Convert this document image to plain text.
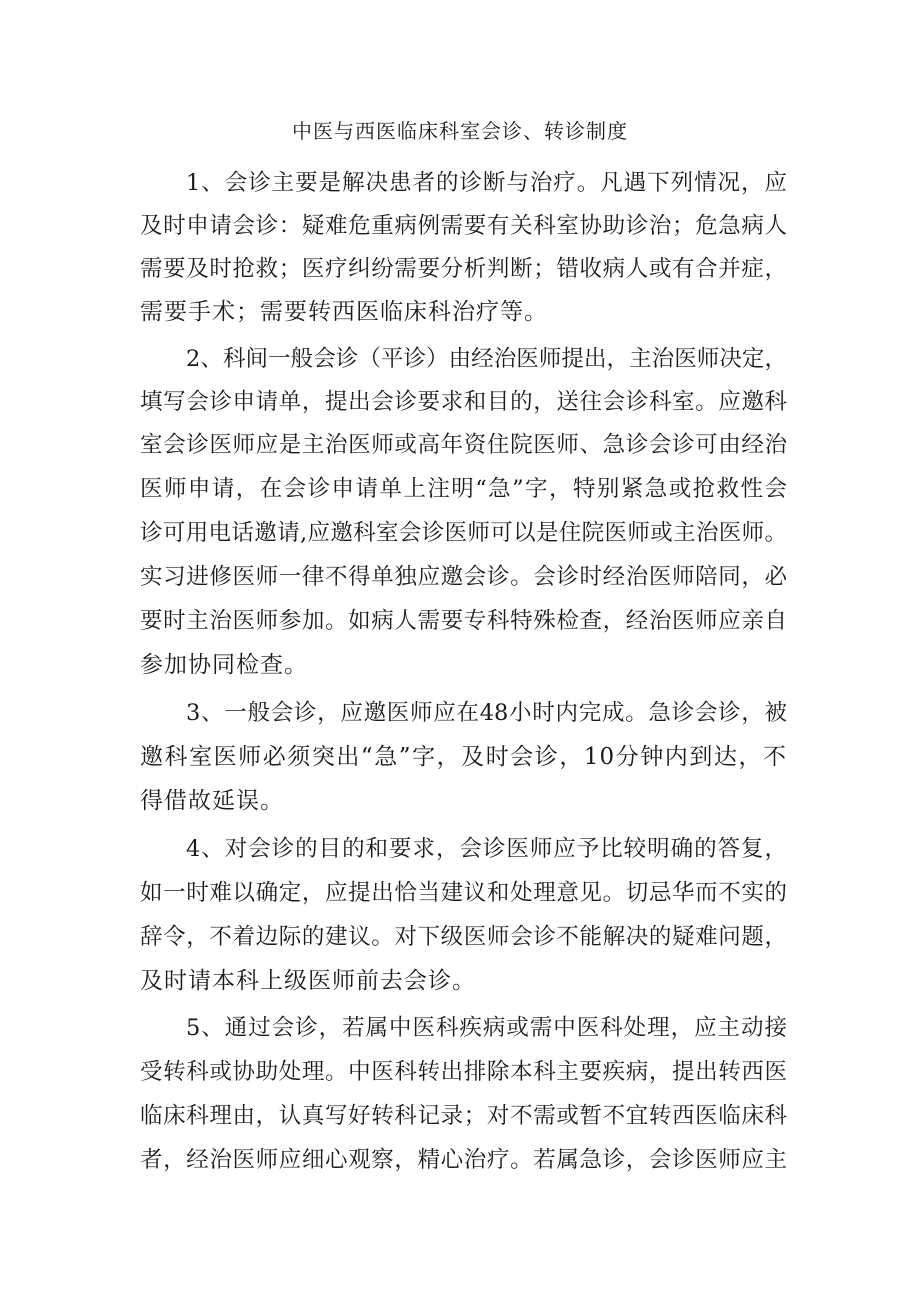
中医与西医临床科室会诊、转诊制度
1、会诊主要是解决患者的诊断与治疗。凡遇下列情况，应
及时申请会诊：疑难危重病例需要有关科室协助诊治；危急病人
需要及时抢救；医疗纠纷需要分析判断；错收病人或有合并症，
需要手术；需要转西医临床科治疗等。
2、科间一般会诊（平诊）由经治医师提出，主治医师决定，
填写会诊申请单，提出会诊要求和目的，送往会诊科室。应邀科
室会诊医师应是主治医师或高年资住院医师、急诊会诊可由经治
医师申请，在会诊申请单上注明“急”字，特别紧急或抢救性会
诊可用电话邀请,应邀科室会诊医师可以是住院医师或主治医师。
实习进修医师一律不得单独应邀会诊。会诊时经治医师陪同，必
要时主治医师参加。如病人需要专科特殊检查，经治医师应亲自
参加协同检查。
3、一般会诊，应邀医师应在48小时内完成。急诊会诊，被
邀科室医师必须突出“急”字，及时会诊，10分钟内到达，不
得借故延误。
4、对会诊的目的和要求，会诊医师应予比较明确的答复，
如一时难以确定，应提出恰当建议和处理意见。切忌华而不实的
辞令，不着边际的建议。对下级医师会诊不能解决的疑难问题，
及时请本科上级医师前去会诊。
5、通过会诊，若属中医科疾病或需中医科处理，应主动接
受转科或协助处理。中医科转出排除本科主要疾病，提出转西医
临床科理由，认真写好转科记录；对不需或暂不宜转西医临床科
者，经治医师应细心观察，精心治疗。若属急诊，会诊医师应主
